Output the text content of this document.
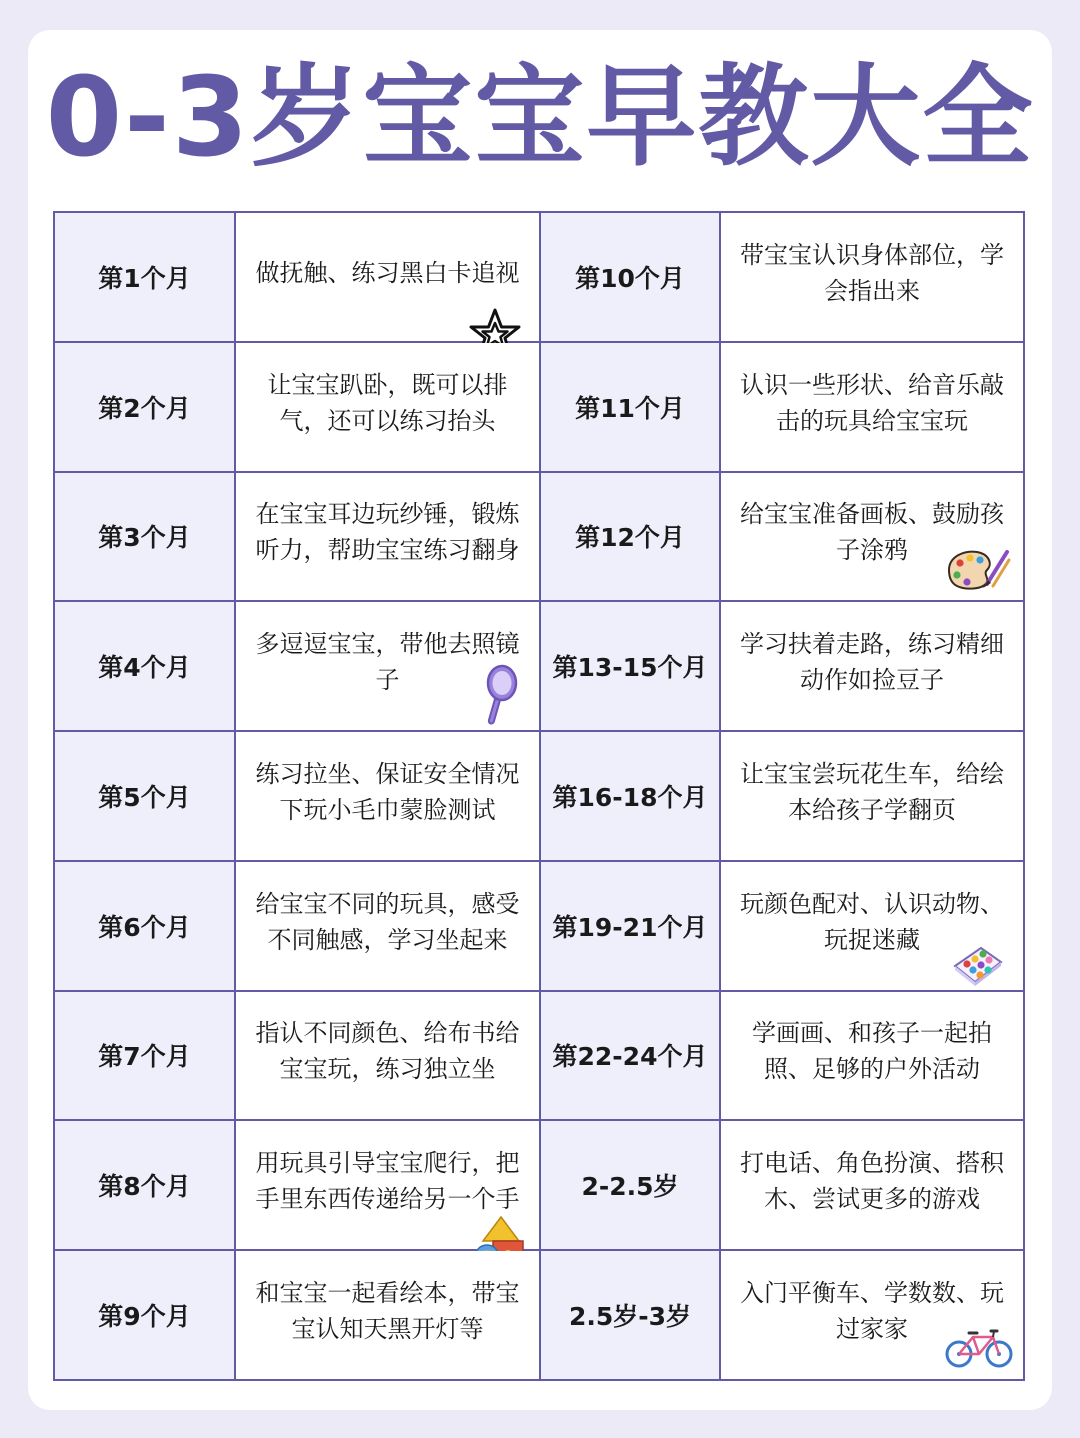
0-3岁宝宝早教大全
第1个月	做抚触、练习黑白卡追视	第10个月	带宝宝认识身体部位，学会指出来

第2个月	让宝宝趴卧，既可以排气，还可以练习抬头	第11个月	认识一些形状、给音乐敲击的玩具给宝宝玩

第3个月	在宝宝耳边玩纱锤，锻炼听力，帮助宝宝练习翻身	第12个月	给宝宝准备画板、鼓励孩子涂鸦

第4个月	多逗逗宝宝，带他去照镜子	第13-15个月	学习扶着走路，练习精细动作如捡豆子

第5个月	练习拉坐、保证安全情况下玩小毛巾蒙脸测试	第16-18个月	让宝宝尝玩花生车，给绘本给孩子学翻页

第6个月	给宝宝不同的玩具，感受不同触感，学习坐起来	第19-21个月	玩颜色配对、认识动物、玩捉迷藏

第7个月	指认不同颜色、给布书给宝宝玩，练习独立坐	第22-24个月	学画画、和孩子一起拍照、足够的户外活动

第8个月	用玩具引导宝宝爬行，把手里东西传递给另一个手	2-2.5岁	打电话、角色扮演、搭积木、尝试更多的游戏

第9个月	和宝宝一起看绘本，带宝宝认知天黑开灯等	2.5岁-3岁	入门平衡车、学数数、玩过家家
